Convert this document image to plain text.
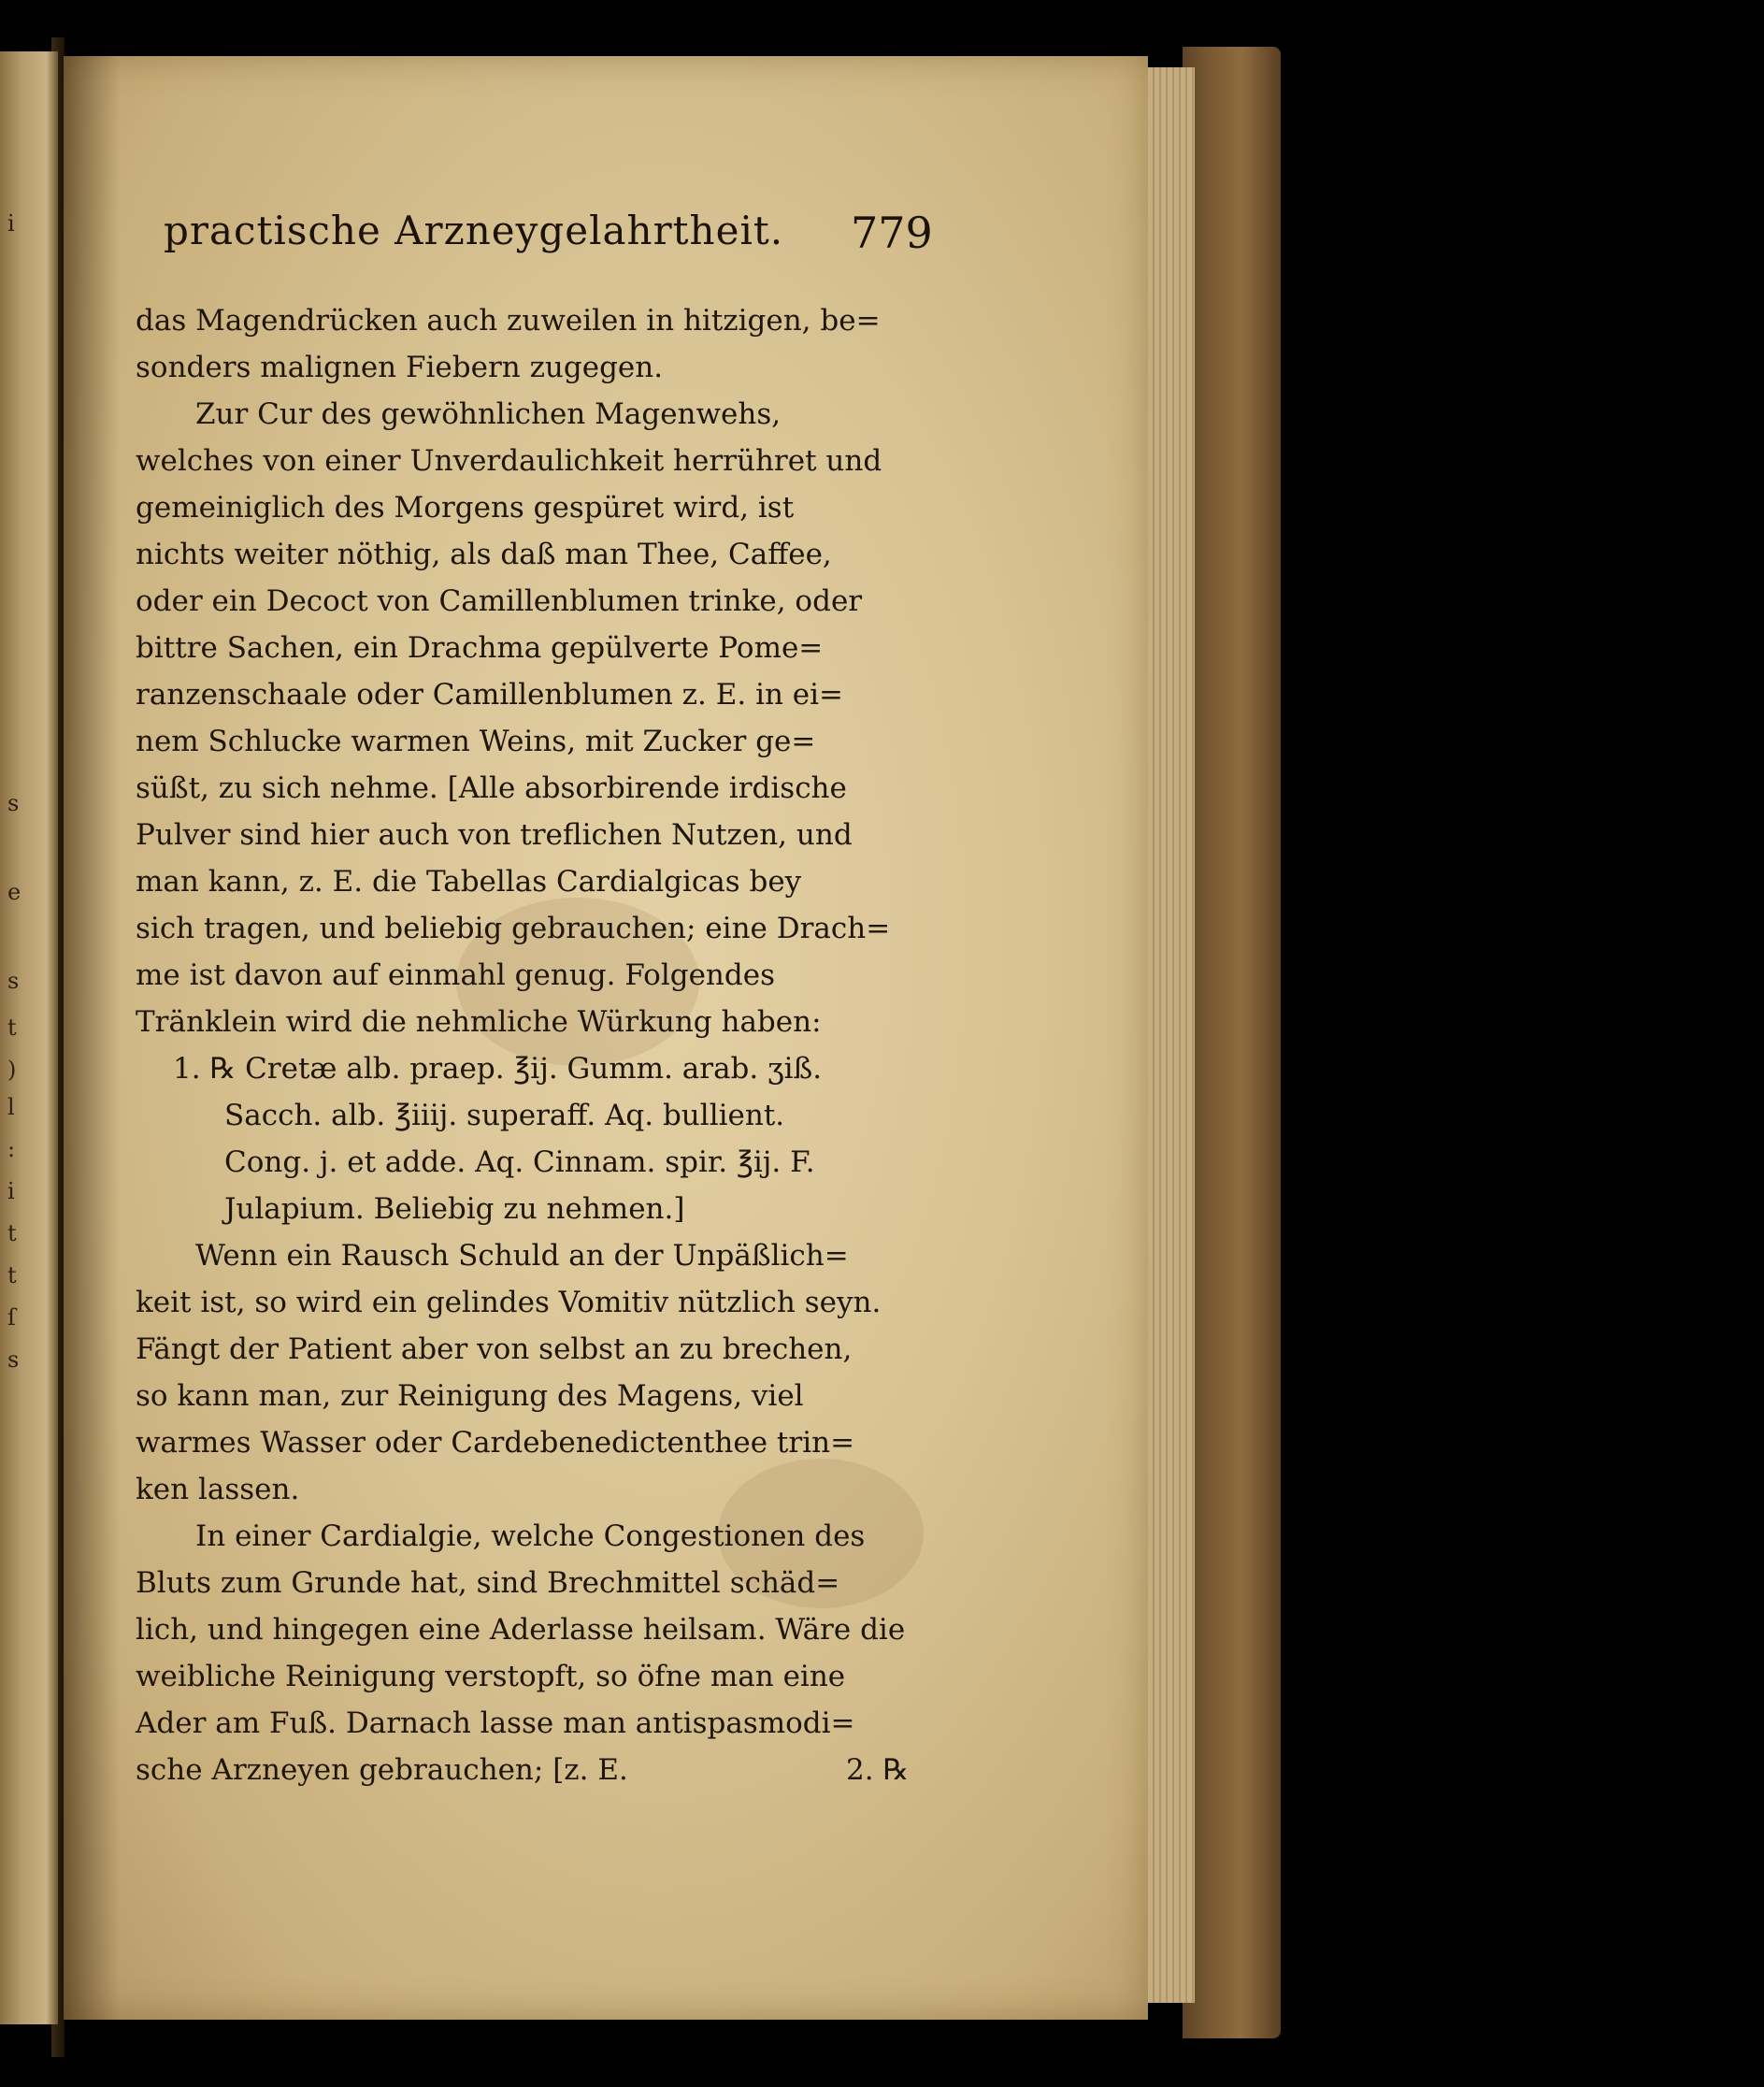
i
s
e
s
t
)
l
:
i
t
t
ſ
s
practische Arzneygelahrtheit.	779
das Magendrücken auch zuweilen in hitzigen, be=
sonders malignen Fiebern zugegen.
Zur Cur des gewöhnlichen Magenwehs,
welches von einer Unverdaulichkeit herrühret und
gemeiniglich des Morgens gespüret wird, ist
nichts weiter nöthig, als daß man Thee, Caffee,
oder ein Decoct von Camillenblumen trinke, oder
bittre Sachen, ein Drachma gepülverte Pome=
ranzenschaale oder Camillenblumen z. E. in ei=
nem Schlucke warmen Weins, mit Zucker ge=
süßt, zu sich nehme. [Alle absorbirende irdische
Pulver sind hier auch von treflichen Nutzen, und
man kann, z. E. die Tabellas Cardialgicas bey
sich tragen, und beliebig gebrauchen; eine Drach=
me ist davon auf einmahl genug. Folgendes
Tränklein wird die nehmliche Würkung haben:
1. ℞ Cretæ alb. praep. ℥ij. Gumm. arab. ʒiß.
Sacch. alb. ℥iiij. superaff. Aq. bullient.
Cong. j. et adde. Aq. Cinnam. spir. ℥ij. F.
Julapium. Beliebig zu nehmen.]
Wenn ein Rausch Schuld an der Unpäßlich=
keit ist, so wird ein gelindes Vomitiv nützlich seyn.
Fängt der Patient aber von selbst an zu brechen,
so kann man, zur Reinigung des Magens, viel
warmes Wasser oder Cardebenedictenthee trin=
ken lassen.
In einer Cardialgie, welche Congestionen des
Bluts zum Grunde hat, sind Brechmittel schäd=
lich, und hingegen eine Aderlasse heilsam. Wäre die
weibliche Reinigung verstopft, so öfne man eine
Ader am Fuß. Darnach lasse man antispasmodi=
sche Arzneyen gebrauchen; [z. E.	2. ℞
